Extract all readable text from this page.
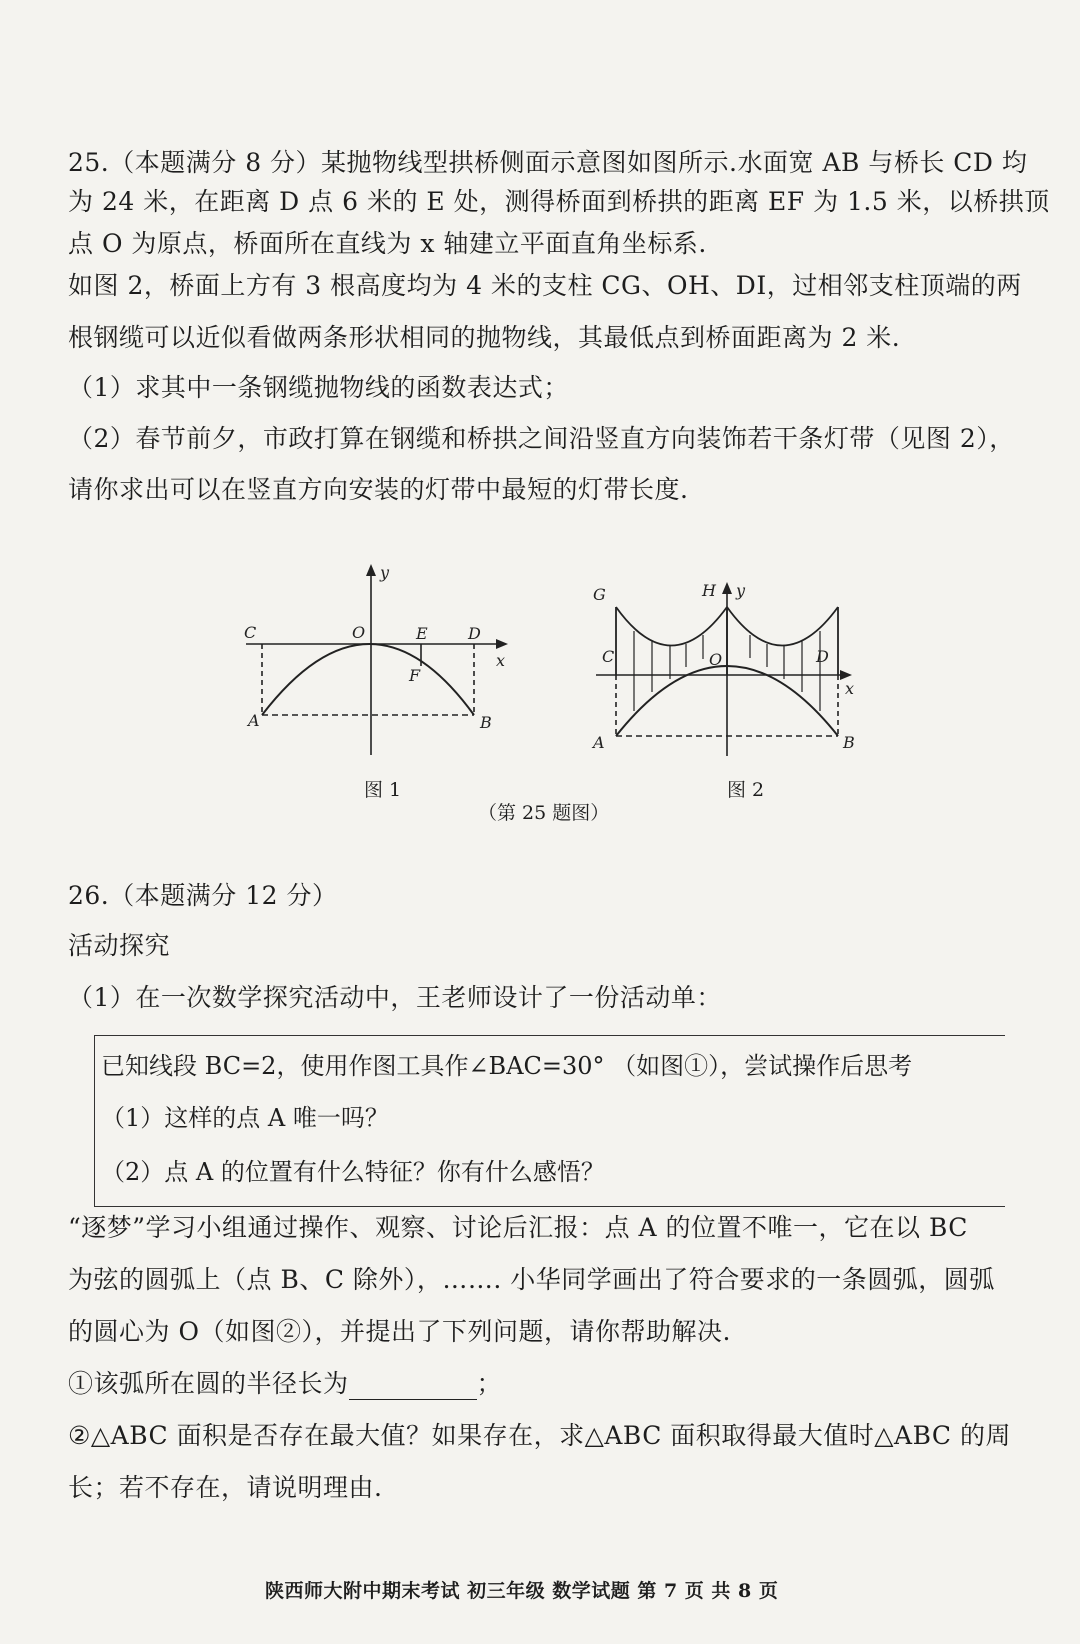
25.（本题满分 8 分）某抛物线型拱桥侧面示意图如图所示.水面宽 AB 与桥长 CD 均
为 24 米，在距离 D 点 6 米的 E 处，测得桥面到桥拱的距离 EF 为 1.5 米，以桥拱顶
点 O 为原点，桥面所在直线为 x 轴建立平面直角坐标系.
如图 2，桥面上方有 3 根高度均为 4 米的支柱 CG、OH、DI，过相邻支柱顶端的两
根钢缆可以近似看做两条形状相同的抛物线，其最低点到桥面距离为 2 米.
（1）求其中一条钢缆抛物线的函数表达式；
（2）春节前夕，市政打算在钢缆和桥拱之间沿竖直方向装饰若干条灯带（见图 2），
请你求出可以在竖直方向安装的灯带中最短的灯带长度.
C	O	E	D
F
A	B
x
y
图 1
G	H
C	O	D
A	B
x
y
图 2
（第 25 题图）
26.（本题满分 12 分）
活动探究
（1）在一次数学探究活动中，王老师设计了一份活动单：
已知线段 BC=2，使用作图工具作∠BAC=30° （如图①），尝试操作后思考
（1）这样的点 A 唯一吗？
（2）点 A 的位置有什么特征？你有什么感悟？
“逐梦”学习小组通过操作、观察、讨论后汇报：点 A 的位置不唯一，它在以 BC
为弦的圆弧上（点 B、C 除外），……. 小华同学画出了符合要求的一条圆弧，圆弧
的圆心为 O（如图②），并提出了下列问题，请你帮助解决.
①该弧所在圆的半径长为	；
②△ABC 面积是否存在最大值？如果存在，求△ABC 面积取得最大值时△ABC 的周
长；若不存在，请说明理由.
陕西师大附中期末考试 初三年级 数学试题 第 7 页 共 8 页
